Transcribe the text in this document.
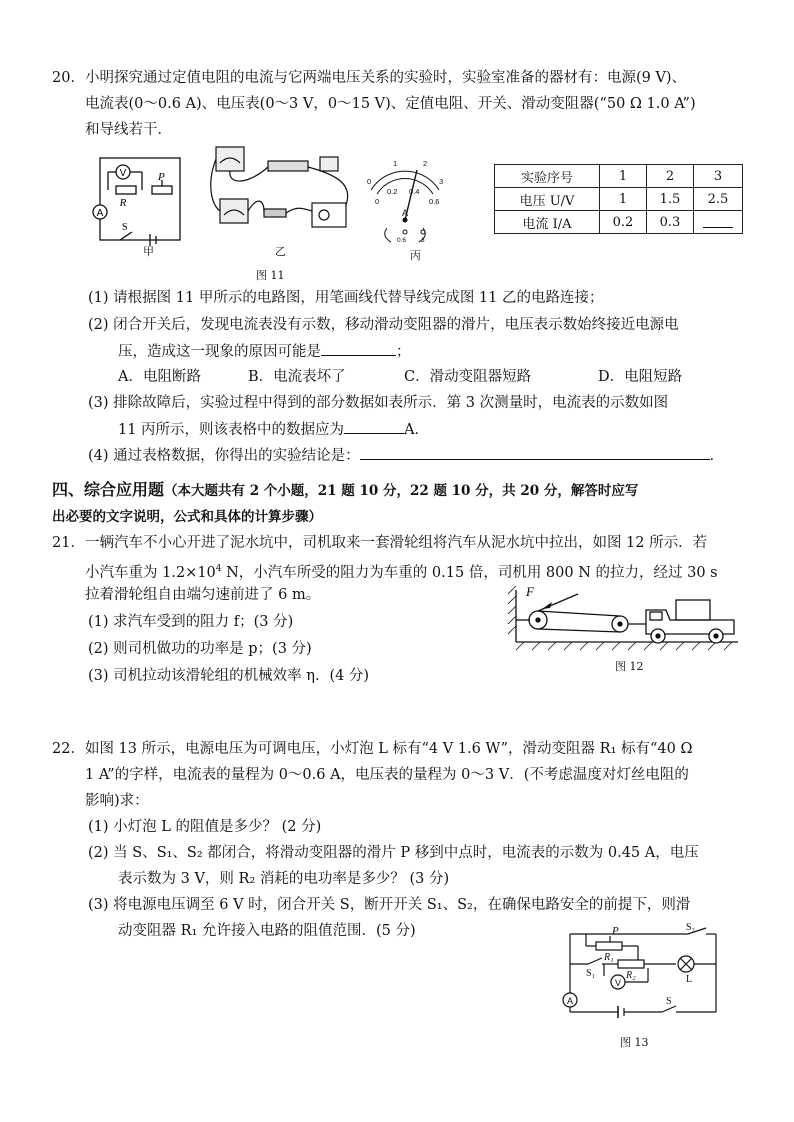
20．小明探究通过定值电阻的电流与它两端电压关系的实验时，实验室准备的器材有：电源(9 V)、
电流表(0～0.6 A)、电压表(0～3 V，0～15 V)、定值电阻、开关、滑动变阻器(“50 Ω 1.0 A”)
和导线若干．
V
R
P
A
S
甲	乙
0
1	2
3
0
0.2 0.4
0.6
A
0.6 3
丙
图 11
实验序号	1	2	3
电压 U/V	1	1.5	2.5
电流 I/A	0.2	0.3	
(1) 请根据图 11 甲所示的电路图，用笔画线代替导线完成图 11 乙的电路连接；
(2) 闭合开关后，发现电流表没有示数，移动滑动变阻器的滑片，电压表示数始终接近电源电
压，造成这一现象的原因可能是	；
A．电阻断路	B．电流表坏了	C．滑动变阻器短路	D．电阻短路
(3) 排除故障后，实验过程中得到的部分数据如表所示．第 3 次测量时，电流表的示数如图
11 丙所示，则该表格中的数据应为	A．
(4) 通过表格数据，你得出的实验结论是：	．
四、综合应用题（本大题共有 2 个小题，21 题 10 分，22 题 10 分，共 20 分，解答时应写
出必要的文字说明，公式和具体的计算步骤）
21．一辆汽车不小心开进了泥水坑中，司机取来一套滑轮组将汽车从泥水坑中拉出，如图 12 所示．若
小汽车重为 $1.2\times 10^4$ N，小汽车所受的阻力为车重的 0.15 倍，司机用 800 N 的拉力，经过 30 s
拉着滑轮组自由端匀速前进了 6 m。
(1) 求汽车受到的阻力 f；(3 分)
(2) 则司机做功的功率是 p；(3 分)
(3) 司机拉动该滑轮组的机械效率 η．(4 分)
F
图 12
22．如图 13 所示，电源电压为可调电压，小灯泡 L 标有“4 V 1.6 W”，滑动变阻器 R₁ 标有“40 Ω
1 A”的字样，电流表的量程为 0～0.6 A，电压表的量程为 0～3 V．(不考虑温度对灯丝电阻的
影响)求：
(1) 小灯泡 L 的阻值是多少？ (2 分)
(2) 当 S、S₁、S₂ 都闭合，将滑动变阻器的滑片 P 移到中点时，电流表的示数为 0.45 A，电压
表示数为 3 V，则 R₂ 消耗的电功率是多少？ (3 分)
(3) 将电源电压调至 6 V 时，闭合开关 S，断开开关 S₁、S₂，在确保电路安全的前提下，则滑
动变阻器 R₁ 允许接入电路的阻值范围．(5 分)	P
R₁
R₂
S₁
S₂
L
V
A	S
图 13
